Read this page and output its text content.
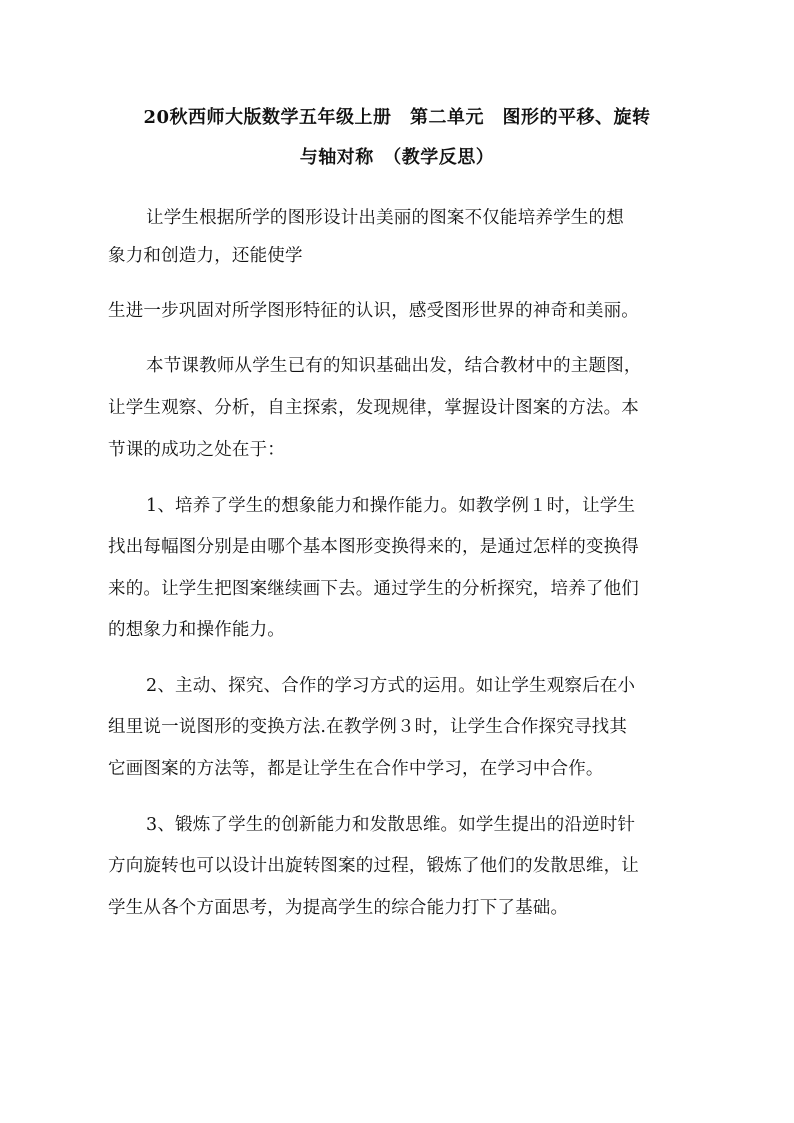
20秋西师大版数学五年级上册　第二单元　图形的平移、旋转
与轴对称　（教学反思）

让学生根据所学的图形设计出美丽的图案不仅能培养学生的想

象力和创造力，还能使学

生进一步巩固对所学图形特征的认识，感受图形世界的神奇和美丽。

本节课教师从学生已有的知识基础出发，结合教材中的主题图，

让学生观察、分析，自主探索，发现规律，掌握设计图案的方法。本

节课的成功之处在于：

1、培养了学生的想象能力和操作能力。如教学例１时，让学生

找出每幅图分别是由哪个基本图形变换得来的，是通过怎样的变换得

来的。让学生把图案继续画下去。通过学生的分析探究，培养了他们

的想象力和操作能力。

2、主动、探究、合作的学习方式的运用。如让学生观察后在小

组里说一说图形的变换方法.在教学例３时，让学生合作探究寻找其

它画图案的方法等，都是让学生在合作中学习，在学习中合作。

3、锻炼了学生的创新能力和发散思维。如学生提出的沿逆时针

方向旋转也可以设计出旋转图案的过程，锻炼了他们的发散思维，让

学生从各个方面思考，为提高学生的综合能力打下了基础。
